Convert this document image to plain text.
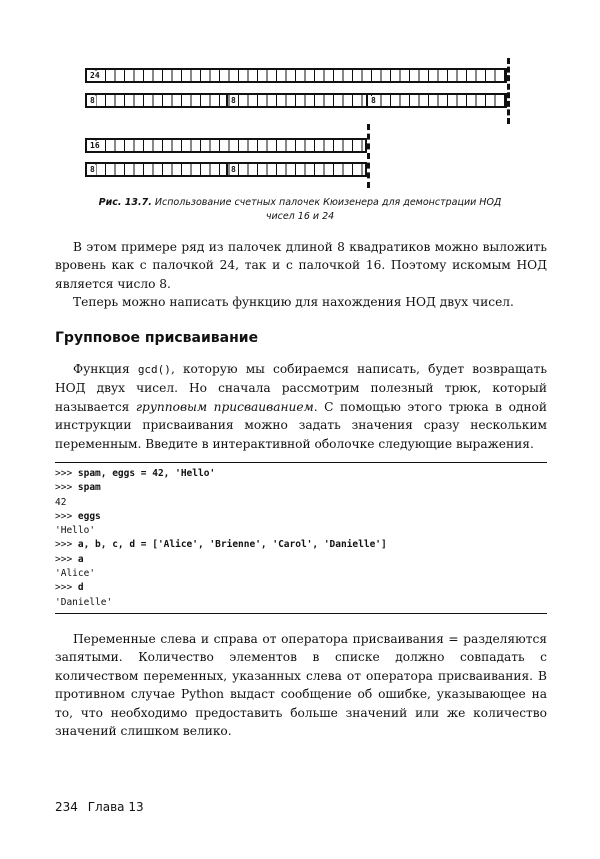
24
8	8	8
16
8	8
Рис. 13.7. Использование счетных палочек Кюизенера для демонстрации НОД чисел 16 и 24
В этом примере ряд из палочек длиной 8 квадратиков можно выложить вровень как с палочкой 24, так и с палочкой 16. Поэтому искомым НОД является число 8.
Теперь можно написать функцию для нахождения НОД двух чисел.
Групповое присваивание
Функция gcd(), которую мы собираемся написать, будет возвращать НОД двух чисел. Но сначала рассмотрим полезный трюк, который называется групповым присваиванием. С помощью этого трюка в одной инструкции присваивания можно задать значения сразу нескольким переменным. Введите в интерактивной оболочке следующие выражения.
>>> spam, eggs = 42, 'Hello'
>>> spam
42
>>> eggs
'Hello'
>>> a, b, c, d = ['Alice', 'Brienne', 'Carol', 'Danielle']
>>> a
'Alice'
>>> d
'Danielle'
Переменные слева и справа от оператора присваивания = разделяются запятыми. Количество элементов в списке должно совпадать с количеством переменных, указанных слева от оператора присваивания. В противном случае Python выдаст сообщение об ошибке, указывающее на то, что необходимо предоставить больше значений или же количество значений слишком велико.
234 Глава 13
